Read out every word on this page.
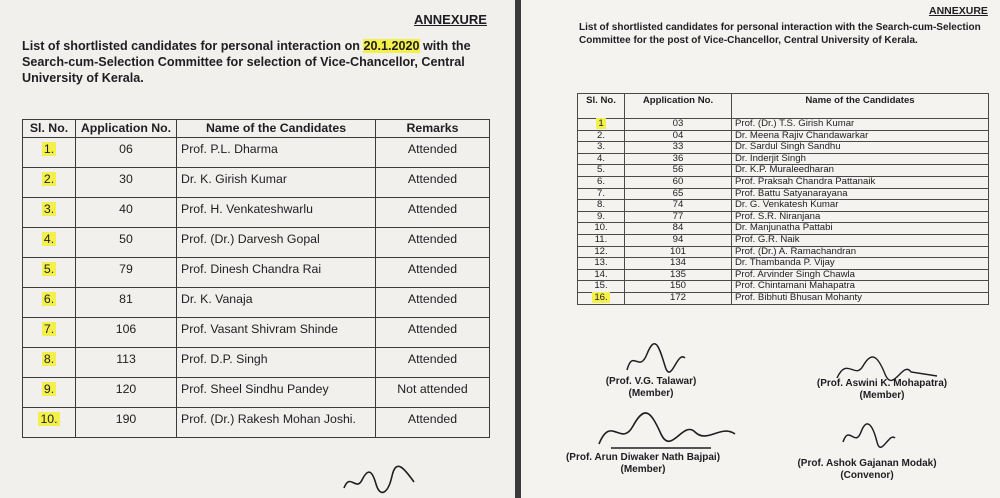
ANNEXURE
List of shortlisted candidates for personal interaction on 20.1.2020 with the Search-cum-Selection Committee for selection of Vice-Chancellor, Central University of Kerala.
Sl. No.	Application No.	Name of the Candidates	Remarks
1.	06	Prof. P.L. Dharma	Attended
2.	30	Dr. K. Girish Kumar	Attended
3.	40	Prof. H. Venkateshwarlu	Attended
4.	50	Prof. (Dr.) Darvesh Gopal	Attended
5.	79	Prof. Dinesh Chandra Rai	Attended
6.	81	Dr. K. Vanaja	Attended
7.	106	Prof. Vasant Shivram Shinde	Attended
8.	113	Prof. D.P. Singh	Attended
9.	120	Prof. Sheel Sindhu Pandey	Not attended
10.	190	Prof. (Dr.) Rakesh Mohan Joshi.	Attended
ANNEXURE
List of shortlisted candidates for personal interaction with the Search-cum-Selection Committee for the post of Vice-Chancellor, Central University of Kerala.
Sl. No.	Application No.	Name of the Candidates
1	03	Prof. (Dr.) T.S. Girish Kumar
2.	04	Dr. Meena Rajiv Chandawarkar
3.	33	Dr. Sardul Singh Sandhu
4.	36	Dr. Inderjit Singh
5.	56	Dr. K.P. Muraleedharan
6.	60	Prof. Praksah Chandra Pattanaik
7.	65	Prof. Battu Satyanarayana
8.	74	Dr. G. Venkatesh Kumar
9.	77	Prof. S.R. Niranjana
10.	84	Dr. Manjunatha Pattabi
11.	94	Prof. G.R. Naik
12.	101	Prof. (Dr.) A. Ramachandran
13.	134	Dr. Thambanda P. Vijay
14.	135	Prof. Arvinder Singh Chawla
15.	150	Prof. Chintamani Mahapatra
16.	172	Prof. Bibhuti Bhusan Mohanty
(Prof. V.G. Talawar)
(Member)
(Prof. Aswini K. Mohapatra)
(Member)
(Prof. Arun Diwaker Nath Bajpai)
(Member)
(Prof. Ashok Gajanan Modak)
(Convenor)
